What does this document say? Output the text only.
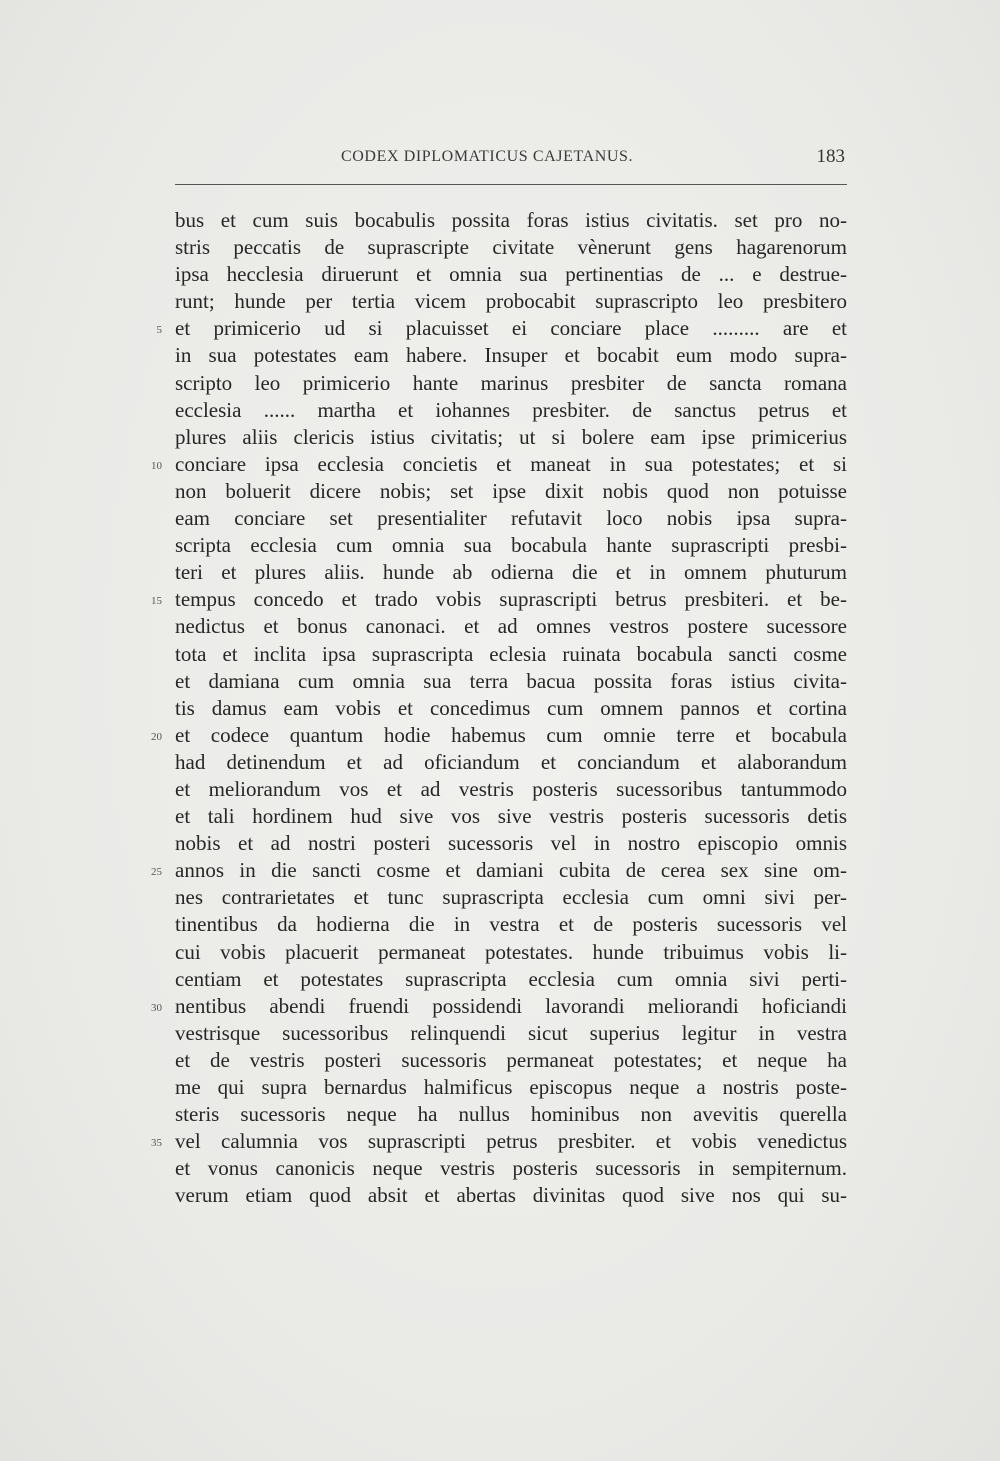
CODEX DIPLOMATICUS CAJETANUS.	183
bus et cum suis bocabulis possita foras istius civitatis. set pro no-
stris peccatis de suprascripte civitate vènerunt gens hagarenorum
ipsa hecclesia diruerunt et omnia sua pertinentias de ... e destrue-
runt; hunde per tertia vicem probocabit suprascripto leo presbitero
et primicerio ud si placuisset ei conciare place ......... are et
in sua potestates eam habere. Insuper et bocabit eum modo supra-
scripto leo primicerio hante marinus presbiter de sancta romana
ecclesia ...... martha et iohannes presbiter. de sanctus petrus et
plures aliis clericis istius civitatis; ut si bolere eam ipse primicerius
conciare ipsa ecclesia concietis et maneat in sua potestates; et si
non boluerit dicere nobis; set ipse dixit nobis quod non potuisse
eam conciare set presentialiter refutavit loco nobis ipsa supra-
scripta ecclesia cum omnia sua bocabula hante suprascripti presbi-
teri et plures aliis. hunde ab odierna die et in omnem phuturum
tempus concedo et trado vobis suprascripti betrus presbiteri. et be-
nedictus et bonus canonaci. et ad omnes vestros postere sucessore
tota et inclita ipsa suprascripta eclesia ruinata bocabula sancti cosme
et damiana cum omnia sua terra bacua possita foras istius civita-
tis damus eam vobis et concedimus cum omnem pannos et cortina
et codece quantum hodie habemus cum omnie terre et bocabula
had detinendum et ad oficiandum et conciandum et alaborandum
et meliorandum vos et ad vestris posteris sucessoribus tantummodo
et tali hordinem hud sive vos sive vestris posteris sucessoris detis
nobis et ad nostri posteri sucessoris vel in nostro episcopio omnis
annos in die sancti cosme et damiani cubita de cerea sex sine om-
nes contrarietates et tunc suprascripta ecclesia cum omni sivi per-
tinentibus da hodierna die in vestra et de posteris sucessoris vel
cui vobis placuerit permaneat potestates. hunde tribuimus vobis li-
centiam et potestates suprascripta ecclesia cum omnia sivi perti-
nentibus abendi fruendi possidendi lavorandi meliorandi hoficiandi
vestrisque sucessoribus relinquendi sicut superius legitur in vestra
et de vestris posteri sucessoris permaneat potestates; et neque ha
me qui supra bernardus halmificus episcopus neque a nostris poste-
steris sucessoris neque ha nullus hominibus non avevitis querella
vel calumnia vos suprascripti petrus presbiter. et vobis venedictus
et vonus canonicis neque vestris posteris sucessoris in sempiternum.
verum etiam quod absit et abertas divinitas quod sive nos qui su-
5
10
15
20
25
30
35
